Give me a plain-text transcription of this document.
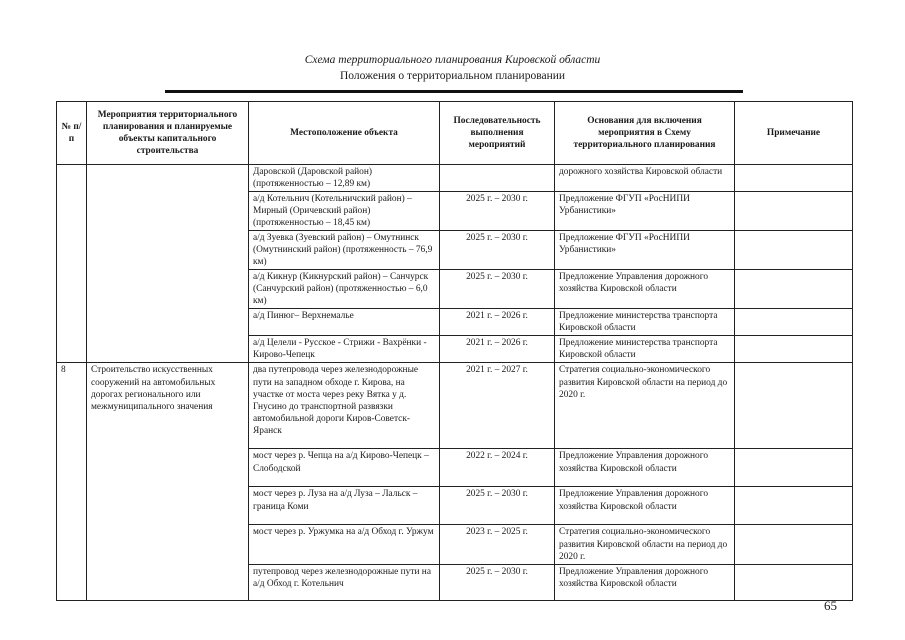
Схема территориального планирования Кировской области
Положения о территориальном планировании
№ п/п	Мероприятия территориального планирования и планируемые объекты капитального строительства	Местоположение объекта	Последовательность выполнения мероприятий	Основания для включения мероприятия в Схему территориального планирования	Примечание
		Даровской (Даровской район) (протяженностью – 12,89 км)		дорожного хозяйства Кировской области	
		а/д Котельнич (Котельничский район) – Мирный (Оричевский район) (протяженностью – 18,45 км)	2025 г. – 2030 г.	Предложение ФГУП «РосНИПИ Урбанистики»	
		а/д Зуевка (Зуевский район) – Омутнинск (Омутнинский район) (протяженность – 76,9 км)	2025 г. – 2030 г.	Предложение ФГУП «РосНИПИ Урбанистики»	
		а/д Кикнур (Кикнурский район) – Санчурск (Санчурский район) (протяженностью – 6,0 км)	2025 г. – 2030 г.	Предложение Управления дорожного хозяйства Кировской области	
		а/д Пинюг– Верхнемалье	2021 г. – 2026 г.	Предложение министерства транспорта Кировской области	
		а/д Целели - Русское - Стрижи - Вахрёнки - Кирово-Чепецк	2021 г. – 2026 г.	Предложение министерства транспорта Кировской области	
8	Строительство искусственных сооружений на автомобильных дорогах регионального или межмуниципального значения	два путепровода через железнодорожные пути на западном обходе г. Кирова, на участке от моста через реку Вятка у д. Гнусино до транспортной развязки автомобильной дороги Киров-Советск-Яранск	2021 г. – 2027 г.	Стратегия социально-экономического развития Кировской области на период до 2020 г.	
		мост через р. Чепца на а/д Кирово-Чепецк – Слободской	2022 г. – 2024 г.	Предложение Управления дорожного хозяйства Кировской области	
		мост через р. Луза на а/д Луза – Лальск – граница Коми	2025 г. – 2030 г.	Предложение Управления дорожного хозяйства Кировской области	
		мост через р. Уржумка на а/д Обход г. Уржум	2023 г. – 2025 г.	Стратегия социально-экономического развития Кировской области на период до 2020 г.	
		путепровод через железнодорожные пути на а/д Обход г. Котельнич	2025 г. – 2030 г.	Предложение Управления дорожного хозяйства Кировской области	
65
